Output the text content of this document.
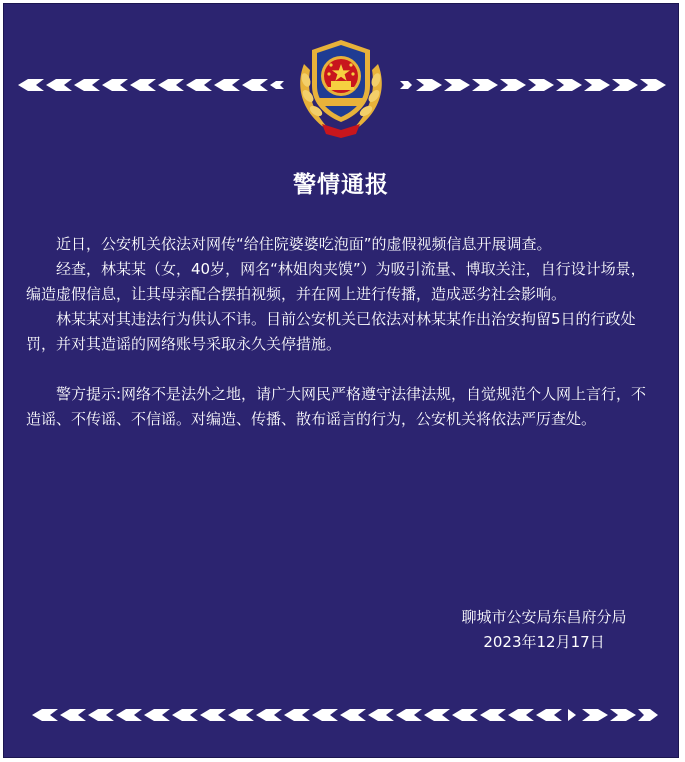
警情通报

近日，公安机关依法对网传“给住院婆婆吃泡面”的虚假视频信息开展调查。

经查，林某某（女，40岁，网名“林姐肉夹馍”）为吸引流量、博取关注，自行设计场景，编造虚假信息，让其母亲配合摆拍视频，并在网上进行传播，造成恶劣社会影响。

林某某对其违法行为供认不讳。目前公安机关已依法对林某某作出治安拘留5日的行政处罚，并对其造谣的网络账号采取永久关停措施。

警方提示:网络不是法外之地，请广大网民严格遵守法律法规，自觉规范个人网上言行，不造谣、不传谣、不信谣。对编造、传播、散布谣言的行为，公安机关将依法严厉查处。

聊城市公安局东昌府分局
2023年12月17日
